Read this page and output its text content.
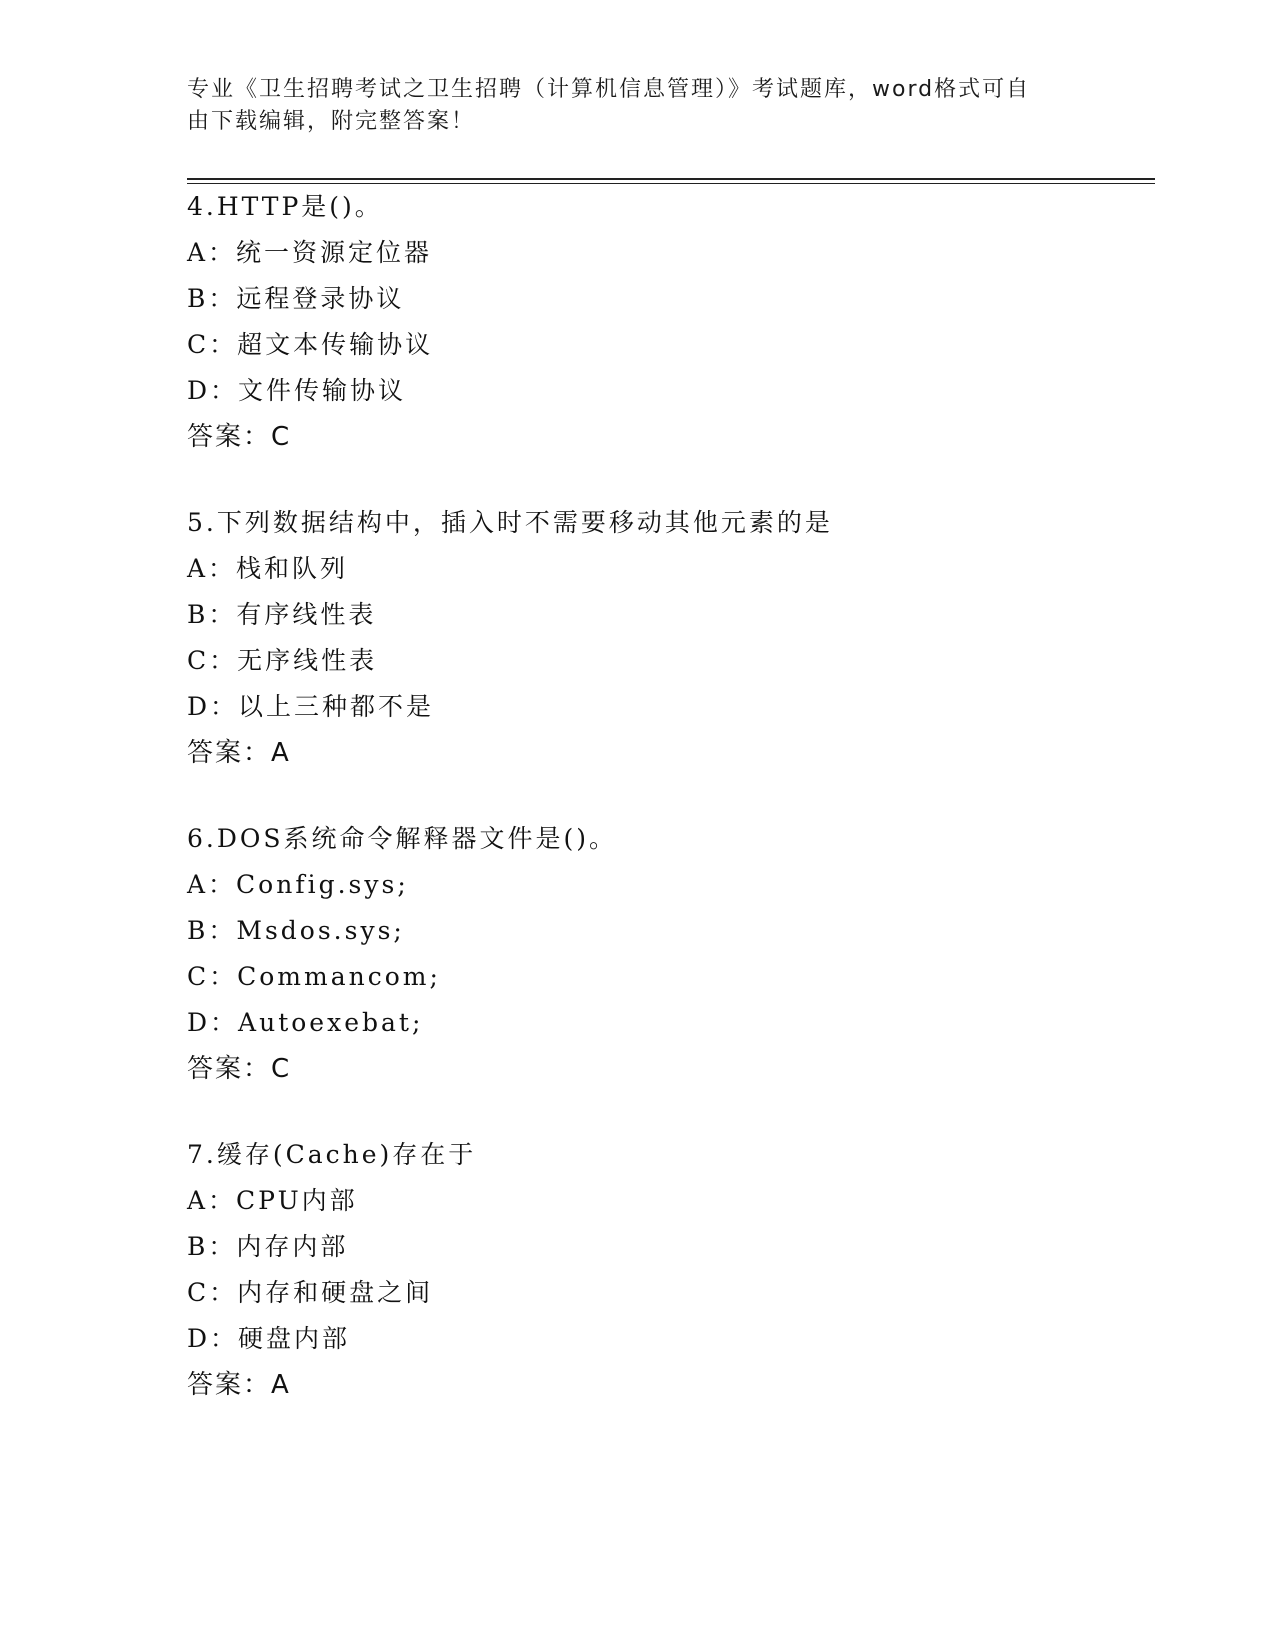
专业《卫生招聘考试之卫生招聘（计算机信息管理）》考试题库，word格式可自
由下载编辑，附完整答案！
4.HTTP是()。
A：统一资源定位器
B：远程登录协议
C：超文本传输协议
D：文件传输协议
答案：C
5.下列数据结构中，插入时不需要移动其他元素的是
A：栈和队列
B：有序线性表
C：无序线性表
D：以上三种都不是
答案：A
6.DOS系统命令解释器文件是()。
A：Config.sys;
B：Msdos.sys;
C：Commancom;
D：Autoexebat;
答案：C
7.缓存(Cache)存在于
A：CPU内部
B：内存内部
C：内存和硬盘之间
D：硬盘内部
答案：A
